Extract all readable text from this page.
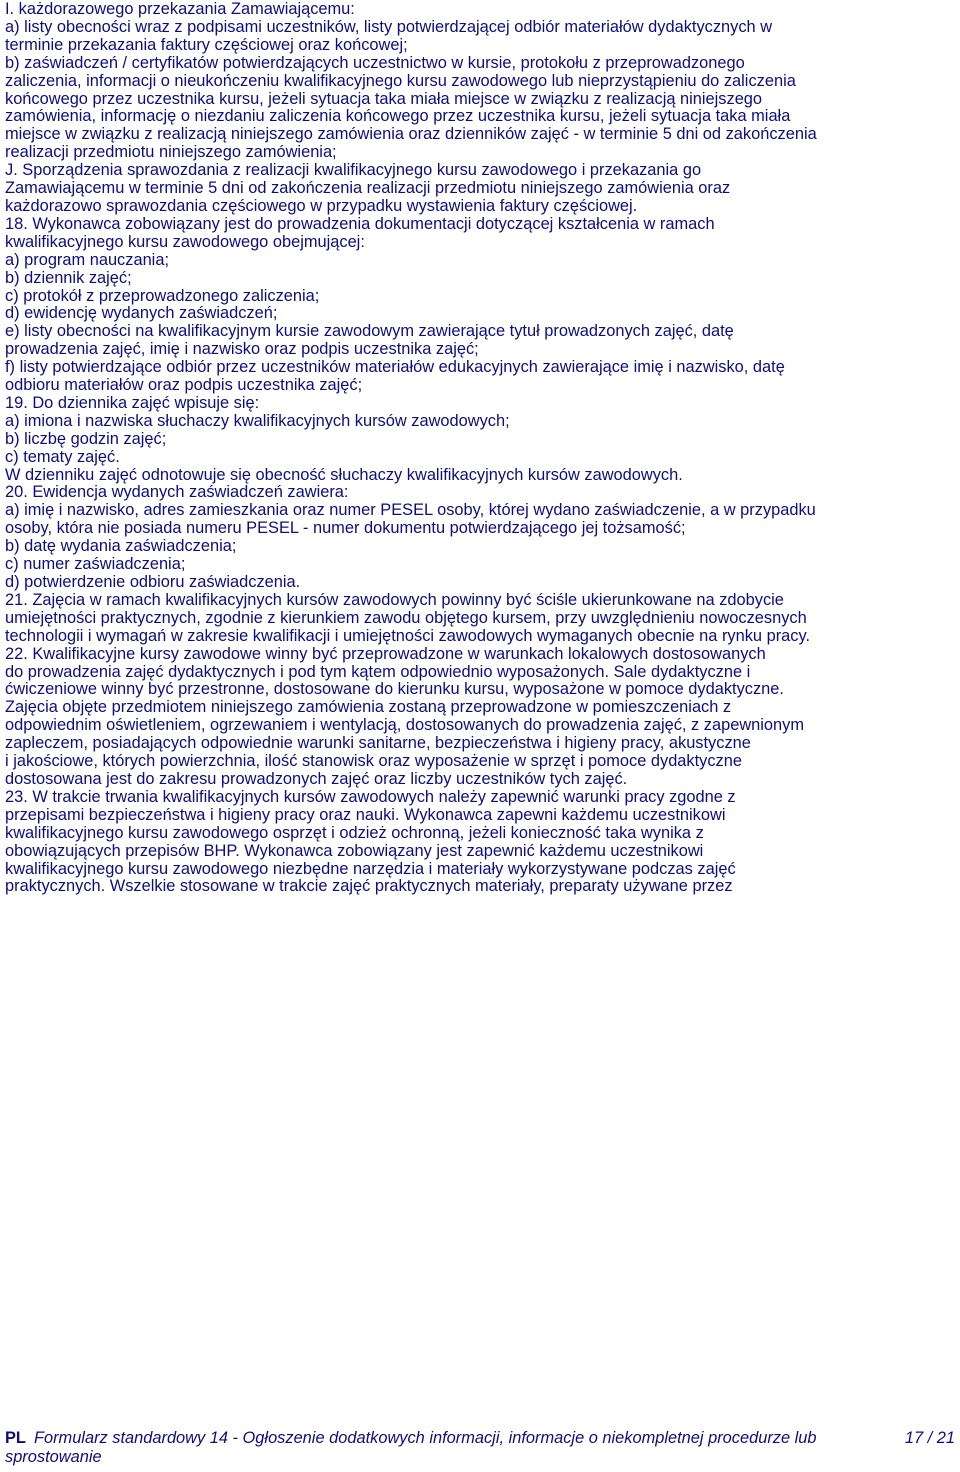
I. każdorazowego przekazania Zamawiającemu:
a) listy obecności wraz z podpisami uczestników, listy potwierdzającej odbiór materiałów dydaktycznych w
terminie przekazania faktury częściowej oraz końcowej;
b) zaświadczeń / certyfikatów potwierdzających uczestnictwo w kursie, protokołu z przeprowadzonego
zaliczenia, informacji o nieukończeniu kwalifikacyjnego kursu zawodowego lub nieprzystąpieniu do zaliczenia
końcowego przez uczestnika kursu, jeżeli sytuacja taka miała miejsce w związku z realizacją niniejszego
zamówienia, informację o niezdaniu zaliczenia końcowego przez uczestnika kursu, jeżeli sytuacja taka miała
miejsce w związku z realizacją niniejszego zamówienia oraz dzienników zajęć - w terminie 5 dni od zakończenia
realizacji przedmiotu niniejszego zamówienia;
J. Sporządzenia sprawozdania z realizacji kwalifikacyjnego kursu zawodowego i przekazania go
Zamawiającemu w terminie 5 dni od zakończenia realizacji przedmiotu niniejszego zamówienia oraz
każdorazowo sprawozdania częściowego w przypadku wystawienia faktury częściowej.
18. Wykonawca zobowiązany jest do prowadzenia dokumentacji dotyczącej kształcenia w ramach
kwalifikacyjnego kursu zawodowego obejmującej:
a) program nauczania;
b) dziennik zajęć;
c) protokół z przeprowadzonego zaliczenia;
d) ewidencję wydanych zaświadczeń;
e) listy obecności na kwalifikacyjnym kursie zawodowym zawierające tytuł prowadzonych zajęć, datę
prowadzenia zajęć, imię i nazwisko oraz podpis uczestnika zajęć;
f) listy potwierdzające odbiór przez uczestników materiałów edukacyjnych zawierające imię i nazwisko, datę
odbioru materiałów oraz podpis uczestnika zajęć;
19. Do dziennika zajęć wpisuje się:
a) imiona i nazwiska słuchaczy kwalifikacyjnych kursów zawodowych;
b) liczbę godzin zajęć;
c) tematy zajęć.
W dzienniku zajęć odnotowuje się obecność słuchaczy kwalifikacyjnych kursów zawodowych.
20. Ewidencja wydanych zaświadczeń zawiera:
a) imię i nazwisko, adres zamieszkania oraz numer PESEL osoby, której wydano zaświadczenie, a w przypadku
osoby, która nie posiada numeru PESEL - numer dokumentu potwierdzającego jej tożsamość;
b) datę wydania zaświadczenia;
c) numer zaświadczenia;
d) potwierdzenie odbioru zaświadczenia.
21. Zajęcia w ramach kwalifikacyjnych kursów zawodowych powinny być ściśle ukierunkowane na zdobycie
umiejętności praktycznych, zgodnie z kierunkiem zawodu objętego kursem, przy uwzględnieniu nowoczesnych
technologii i wymagań w zakresie kwalifikacji i umiejętności zawodowych wymaganych obecnie na rynku pracy.
22. Kwalifikacyjne kursy zawodowe winny być przeprowadzone w warunkach lokalowych dostosowanych
do prowadzenia zajęć dydaktycznych i pod tym kątem odpowiednio wyposażonych. Sale dydaktyczne i
ćwiczeniowe winny być przestronne, dostosowane do kierunku kursu, wyposażone w pomoce dydaktyczne.
Zajęcia objęte przedmiotem niniejszego zamówienia zostaną przeprowadzone w pomieszczeniach z
odpowiednim oświetleniem, ogrzewaniem i wentylacją, dostosowanych do prowadzenia zajęć, z zapewnionym
zapleczem, posiadających odpowiednie warunki sanitarne, bezpieczeństwa i higieny pracy, akustyczne
i jakościowe, których powierzchnia, ilość stanowisk oraz wyposażenie w sprzęt i pomoce dydaktyczne
dostosowana jest do zakresu prowadzonych zajęć oraz liczby uczestników tych zajęć.
23. W trakcie trwania kwalifikacyjnych kursów zawodowych należy zapewnić warunki pracy zgodne z
przepisami bezpieczeństwa i higieny pracy oraz nauki. Wykonawca zapewni każdemu uczestnikowi
kwalifikacyjnego kursu zawodowego osprzęt i odzież ochronną, jeżeli konieczność taka wynika z
obowiązujących przepisów BHP. Wykonawca zobowiązany jest zapewnić każdemu uczestnikowi
kwalifikacyjnego kursu zawodowego niezbędne narzędzia i materiały wykorzystywane podczas zajęć
praktycznych. Wszelkie stosowane w trakcie zajęć praktycznych materiały, preparaty używane przez
PL Formularz standardowy 14 - Ogłoszenie dodatkowych informacji, informacje o niekompletnej procedurze lub	17 / 21
sprostowanie
